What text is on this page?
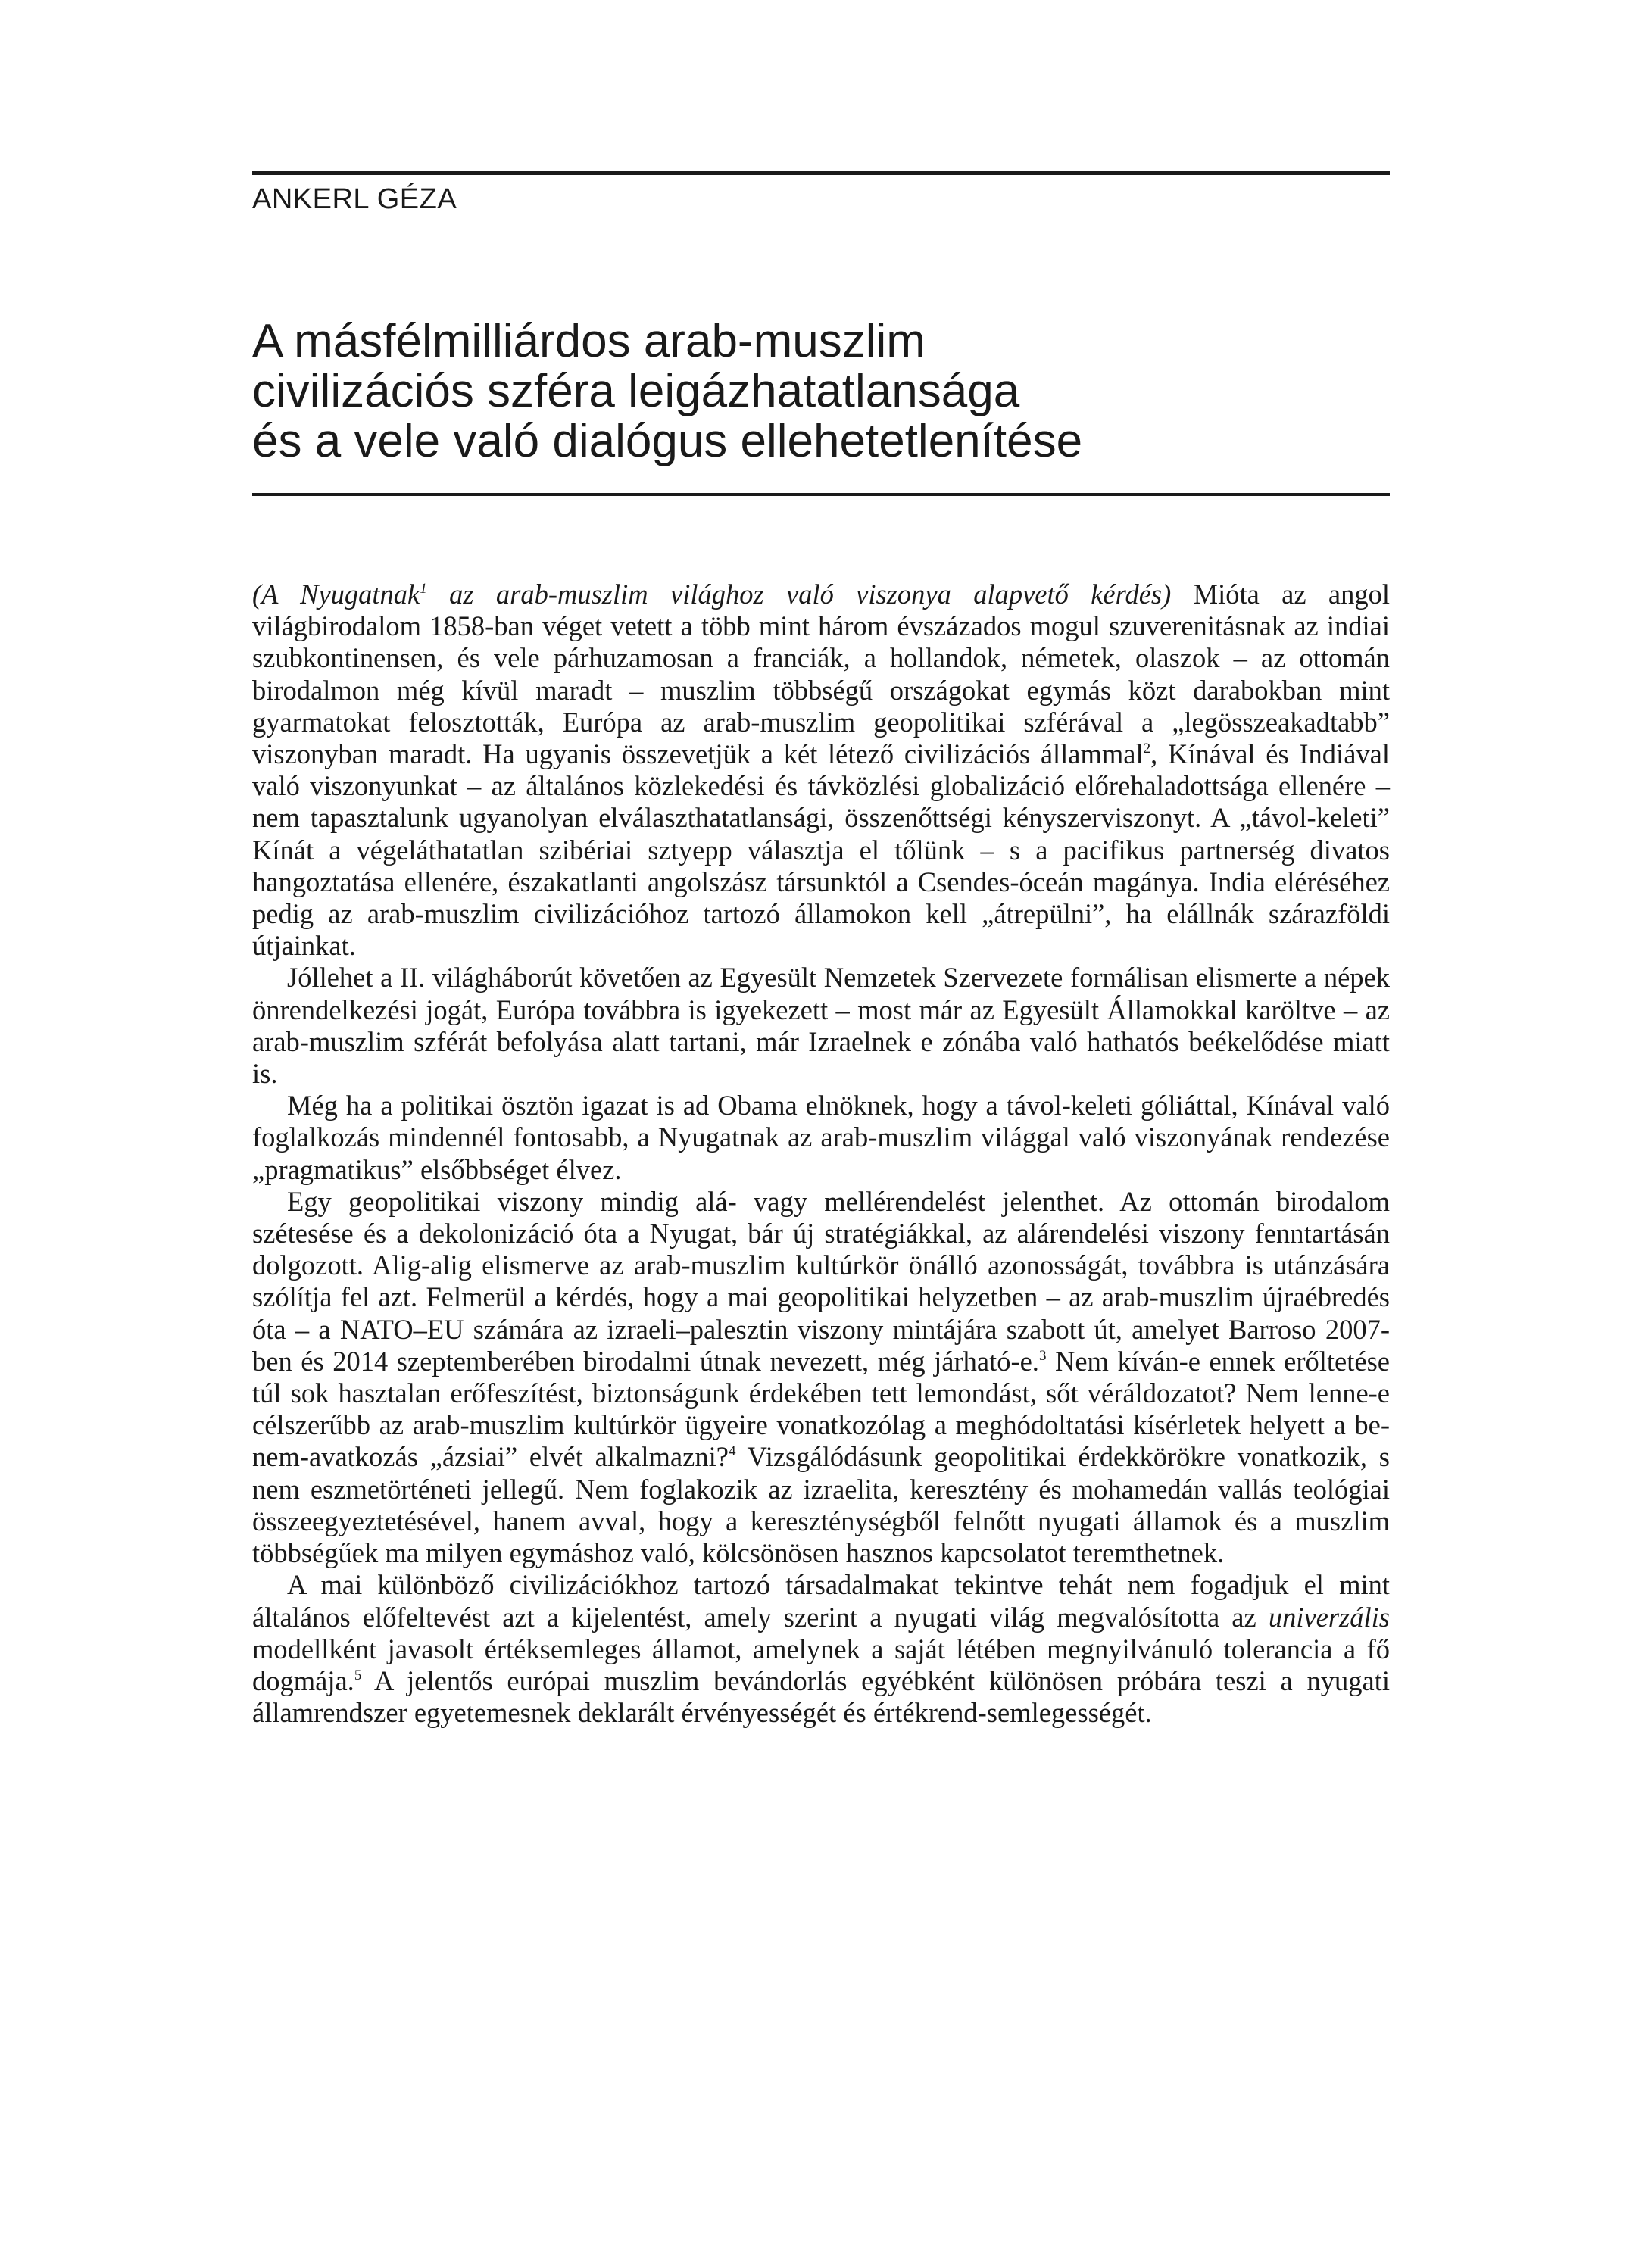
ANKERL GÉZA

A másfélmilliárdos arab-muszlim
civilizációs szféra leigázhatatlansága
és a vele való dialógus ellehetetlenítése

(A Nyugatnak$^1$ az arab-muszlim világhoz való viszonya alapvető kérdés) Mióta az angol világbirodalom 1858-ban véget vetett a több mint három évszázados mogul szuverenitásnak az indiai szubkontinensen, és vele párhuzamosan a franciák, a hollandok, németek, olaszok – az ottomán birodalmon még kívül maradt – muszlim többségű országokat egymás közt darabokban mint gyarmatokat felosztották, Európa az arab-muszlim geopolitikai szférával a „legösszeakadtabb” viszonyban maradt. Ha ugyanis összevetjük a két létező civilizációs állammal$^2$, Kínával és Indiával való viszonyunkat – az általános közlekedési és távközlési globalizáció előrehaladottsága ellenére – nem tapasztalunk ugyanolyan elválaszthatatlansági, összenőttségi kényszerviszonyt. A „távol-keleti” Kínát a végeláthatatlan szibériai sztyepp választja el tőlünk – s a pacifikus partnerség divatos hangoztatása ellenére, északatlanti angolszász társunktól a Csendes-óceán magánya. India eléréséhez pedig az arab-muszlim civilizációhoz tartozó államokon kell „átrepülni”, ha elállnák szárazföldi útjainkat.

Jóllehet a II. világháborút követően az Egyesült Nemzetek Szervezete formálisan elismerte a népek önrendelkezési jogát, Európa továbbra is igyekezett – most már az Egyesült Államokkal karöltve – az arab-muszlim szférát befolyása alatt tartani, már Izraelnek e zónába való hathatós beékelődése miatt is.

Még ha a politikai ösztön igazat is ad Obama elnöknek, hogy a távol-keleti góliáttal, Kínával való foglalkozás mindennél fontosabb, a Nyugatnak az arab-muszlim világgal való viszonyának rendezése „pragmatikus” elsőbbséget élvez.

Egy geopolitikai viszony mindig alá- vagy mellérendelést jelenthet. Az ottomán birodalom szétesése és a dekolonizáció óta a Nyugat, bár új stratégiákkal, az alárendelési viszony fenntartásán dolgozott. Alig-alig elismerve az arab-muszlim kultúrkör önálló azonosságát, továbbra is utánzására szólítja fel azt. Felmerül a kérdés, hogy a mai geopolitikai helyzetben – az arab-muszlim újraébredés óta – a NATO–EU számára az izraeli–palesztin viszony mintájára szabott út, amelyet Barroso 2007-ben és 2014 szeptemberében birodalmi útnak nevezett, még járható-e.$^3$ Nem kíván-e ennek erőltetése túl sok hasztalan erőfeszítést, biztonságunk érdekében tett lemondást, sőt véráldozatot? Nem lenne-e célszerűbb az arab-muszlim kultúrkör ügyeire vonatkozólag a meghódoltatási kísérletek helyett a be-nem-avatkozás „ázsiai” elvét alkalmazni?$^4$ Vizsgálódásunk geopolitikai érdekkörökre vonatkozik, s nem eszmetörténeti jellegű. Nem foglakozik az izraelita, keresztény és mohamedán vallás teológiai összeegyeztetésével, hanem avval, hogy a kereszténységből felnőtt nyugati államok és a muszlim többségűek ma milyen egymáshoz való, kölcsönösen hasznos kapcsolatot teremthetnek.

A mai különböző civilizációkhoz tartozó társadalmakat tekintve tehát nem fogadjuk el mint általános előfeltevést azt a kijelentést, amely szerint a nyugati világ megvalósította az univerzális modellként javasolt értéksemleges államot, amelynek a saját létében megnyilvánuló tolerancia a fő dogmája.$^5$ A jelentős európai muszlim bevándorlás egyébként különösen próbára teszi a nyugati államrendszer egyetemesnek deklarált érvényességét és értékrend-semlegességét.
